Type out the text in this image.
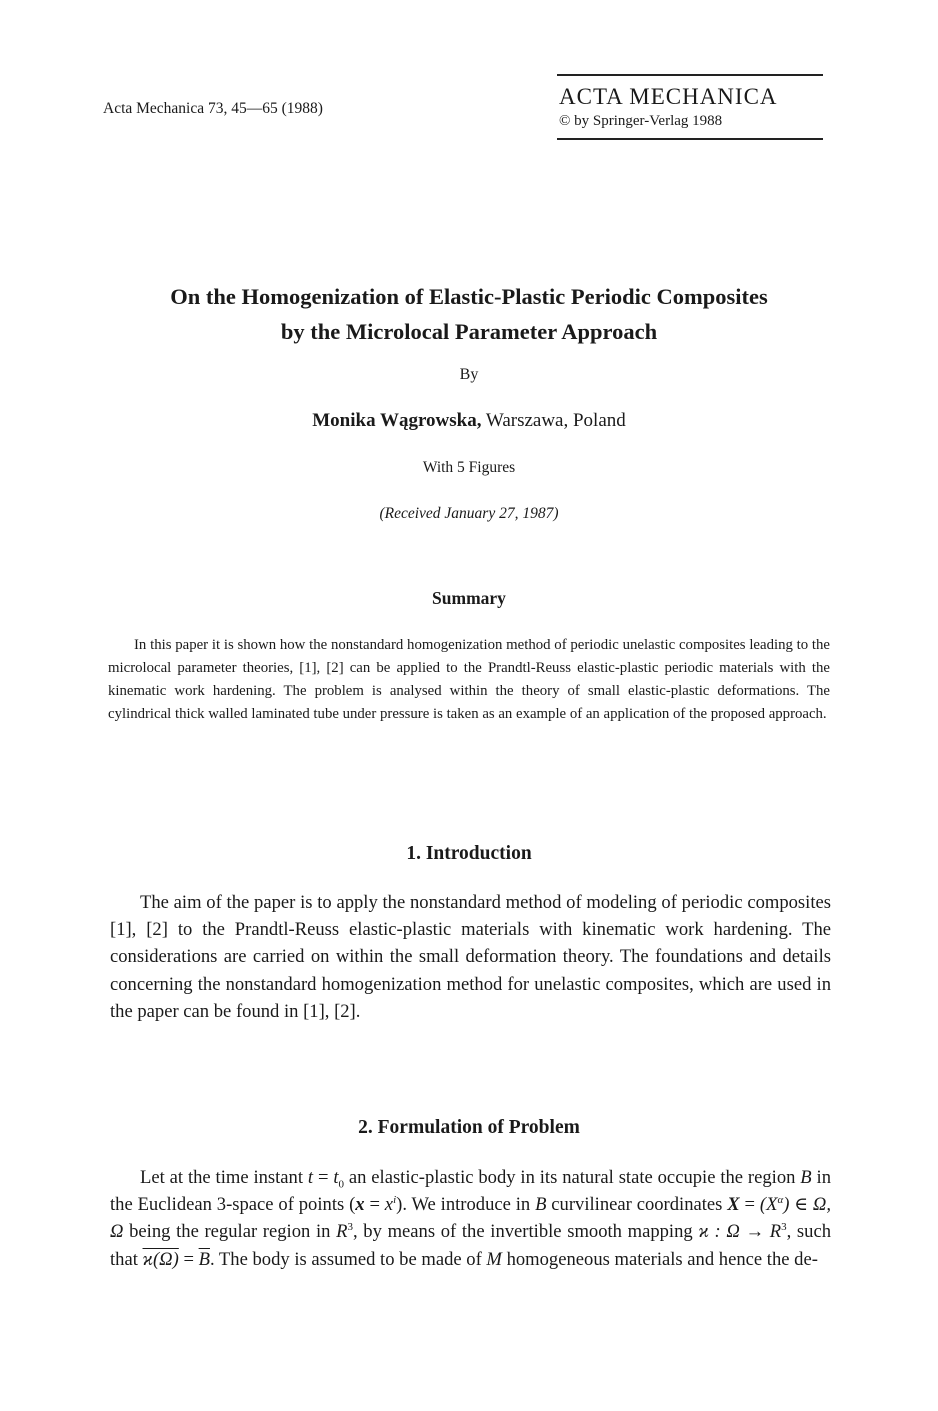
Acta Mechanica 73, 45—65 (1988)	ACTA MECHANICA
© by Springer-Verlag 1988
On the Homogenization of Elastic-Plastic Periodic Composites
by the Microlocal Parameter Approach
By
Monika Wągrowska, Warszawa, Poland
With 5 Figures
(Received January 27, 1987)
Summary
In this paper it is shown how the nonstandard homogenization method of periodic unelastic composites leading to the microlocal parameter theories, [1], [2] can be applied to the Prandtl-Reuss elastic-plastic periodic materials with the kinematic work hardening. The problem is analysed within the theory of small elastic-plastic deformations. The cylindrical thick walled laminated tube under pressure is taken as an example of an application of the proposed approach.
1. Introduction
The aim of the paper is to apply the nonstandard method of modeling of periodic composites [1], [2] to the Prandtl-Reuss elastic-plastic materials with kinematic work hardening. The considerations are carried on within the small deformation theory. The foundations and details concerning the nonstandard homogenization method for unelastic composites, which are used in the paper can be found in [1], [2].
2. Formulation of Problem
Let at the time instant $t = t_0$ an elastic-plastic body in its natural state occupie the region B in the Euclidean 3-space of points $(x = x^i)$. We introduce in B curvilinear coordinates $X = (X^\alpha)$ ∈ Ω, Ω being the regular region in $R^3$, by means of the invertible smooth mapping ϰ : $\Omega \to R^3$, such that $ϰ(\Omega) = \overline{B}$. The body is assumed to be made of M homogeneous materials and hence the de-
